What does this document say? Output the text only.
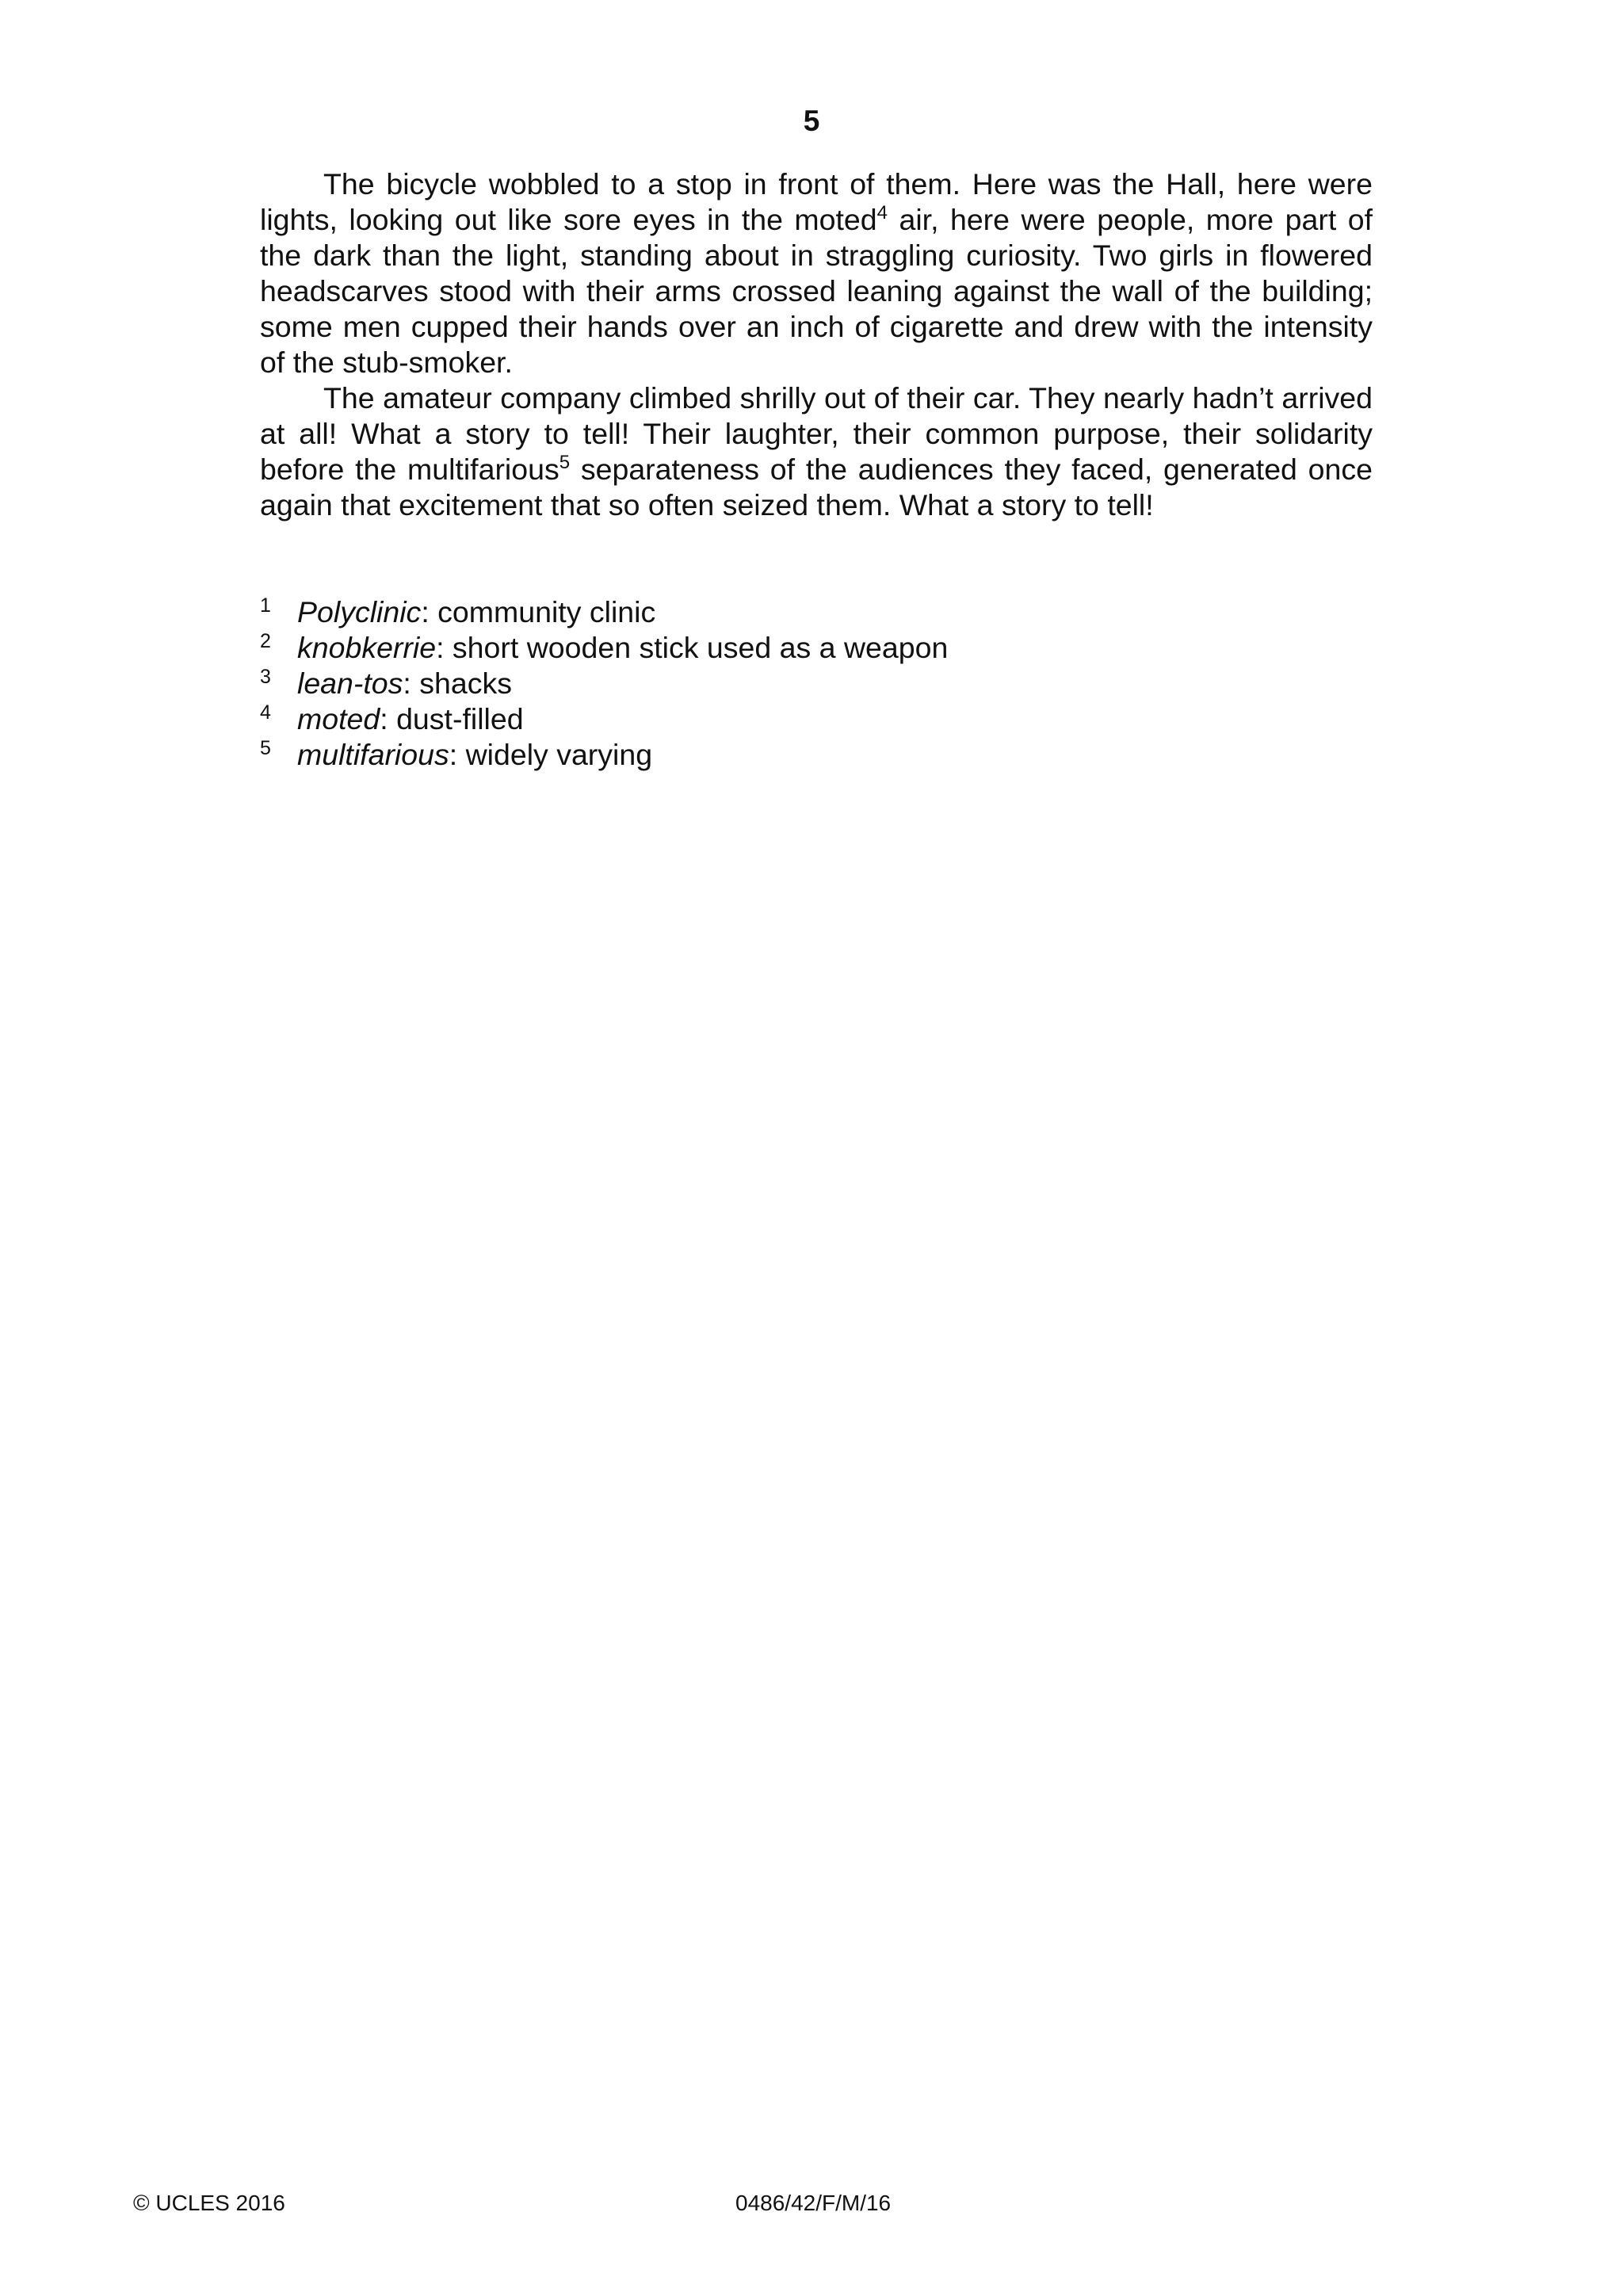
5

The bicycle wobbled to a stop in front of them. Here was the Hall, here were lights, looking out like sore eyes in the moted$^4$ air, here were people, more part of the dark than the light, standing about in straggling curiosity. Two girls in flowered headscarves stood with their arms crossed leaning against the wall of the building; some men cupped their hands over an inch of cigarette and drew with the intensity of the stub-smoker.

The amateur company climbed shrilly out of their car. They nearly hadn’t arrived at all! What a story to tell! Their laughter, their common purpose, their solidarity before the multifarious$^5$ separateness of the audiences they faced, generated once again that excitement that so often seized them. What a story to tell!

1 Polyclinic: community clinic
2 knobkerrie: short wooden stick used as a weapon
3 lean-tos: shacks
4 moted: dust-filled
5 multifarious: widely varying
© UCLES 2016	0486/42/F/M/16
